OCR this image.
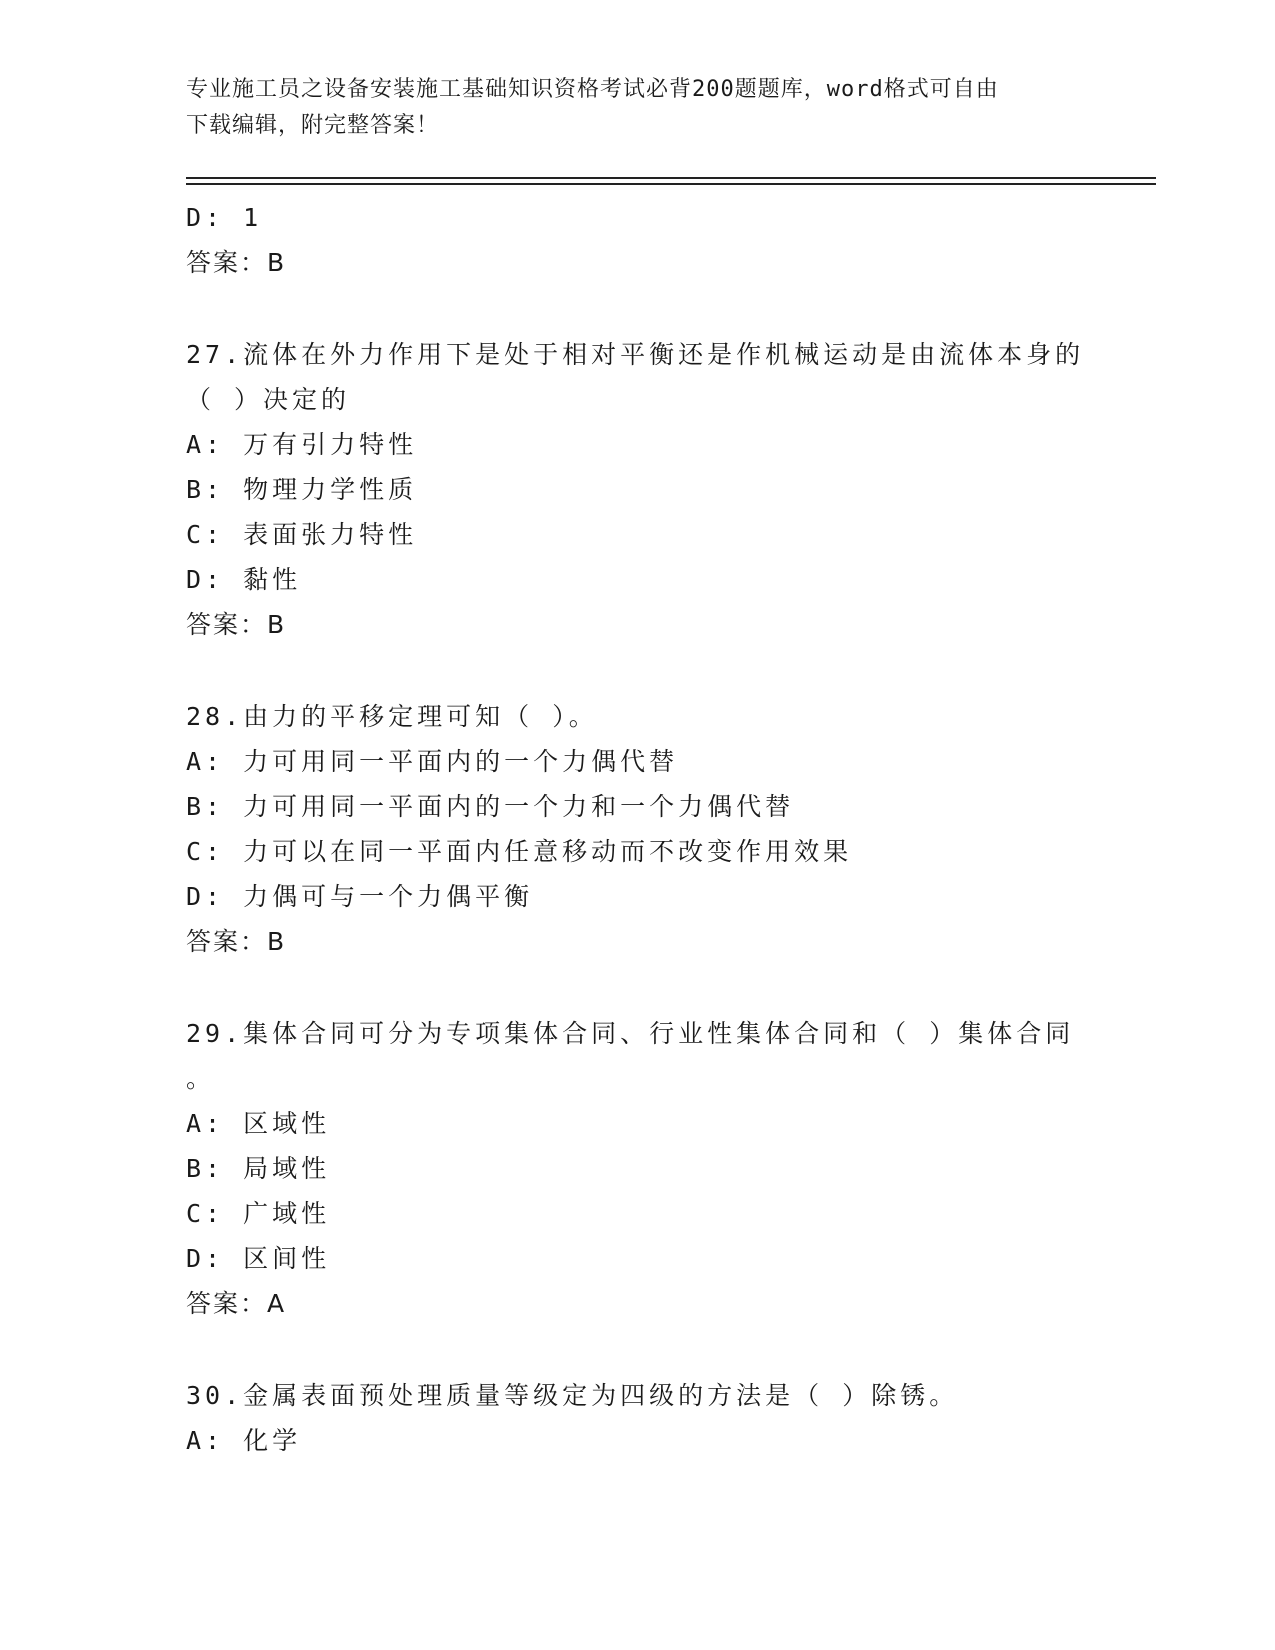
专业施工员之设备安装施工基础知识资格考试必背200题题库，word格式可自由
下载编辑，附完整答案！
D: 1
答案：B
27.流体在外力作用下是处于相对平衡还是作机械运动是由流体本身的
（ ）决定的
A: 万有引力特性
B: 物理力学性质
C: 表面张力特性
D: 黏性
答案：B
28.由力的平移定理可知（ ）。
A: 力可用同一平面内的一个力偶代替
B: 力可用同一平面内的一个力和一个力偶代替
C: 力可以在同一平面内任意移动而不改变作用效果
D: 力偶可与一个力偶平衡
答案：B
29.集体合同可分为专项集体合同、行业性集体合同和（ ）集体合同
。
A: 区域性
B: 局域性
C: 广域性
D: 区间性
答案：A
30.金属表面预处理质量等级定为四级的方法是（ ）除锈。
A: 化学
